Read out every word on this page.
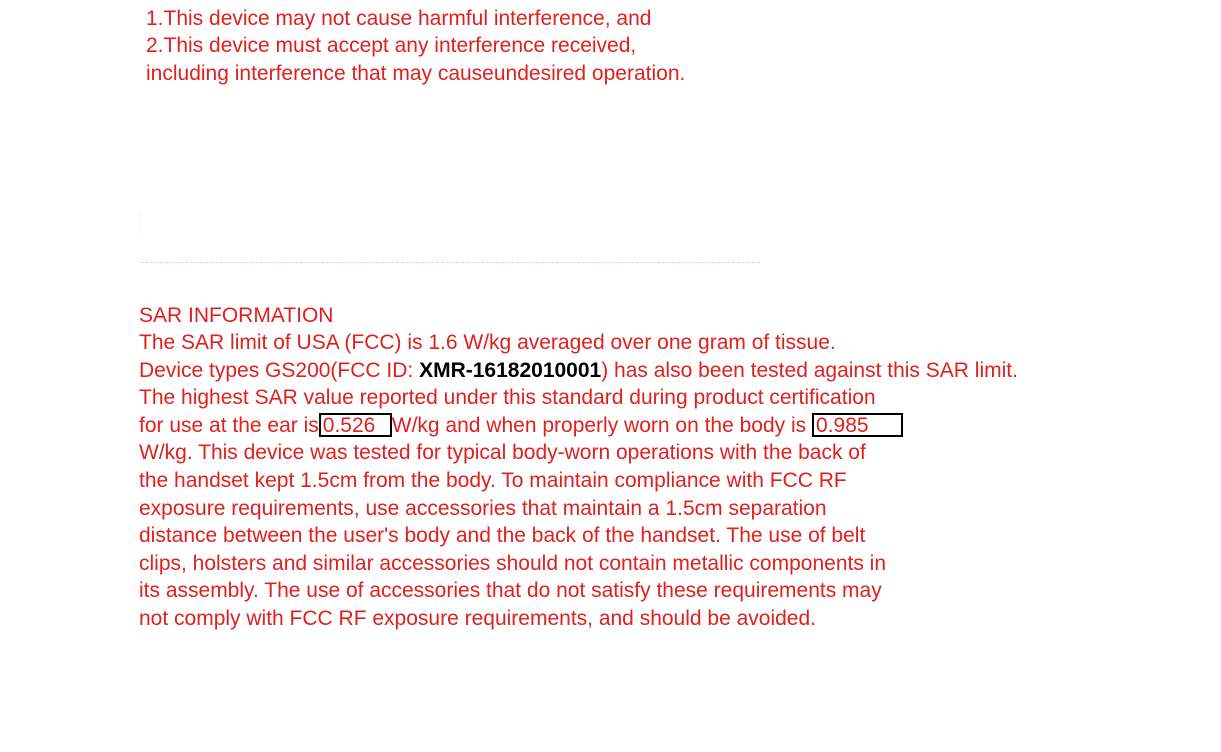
1.This device may not cause harmful interference, and
2.This device must accept any interference received,
including interference that may causeundesired operation.
SAR INFORMATION
The SAR limit of USA (FCC) is 1.6 W/kg averaged over one gram of tissue.
Device types GS200(FCC ID: XMR-16182010001) has also been tested against this SAR limit.
The highest SAR value reported under this standard during product certification
for use at the ear is 0.526 W/kg and when properly worn on the body is 0.985
W/kg. This device was tested for typical body-worn operations with the back of
the handset kept 1.5cm from the body. To maintain compliance with FCC RF
exposure requirements, use accessories that maintain a 1.5cm separation
distance between the user's body and the back of the handset. The use of belt
clips, holsters and similar accessories should not contain metallic components in
its assembly. The use of accessories that do not satisfy these requirements may
not comply with FCC RF exposure requirements, and should be avoided.
